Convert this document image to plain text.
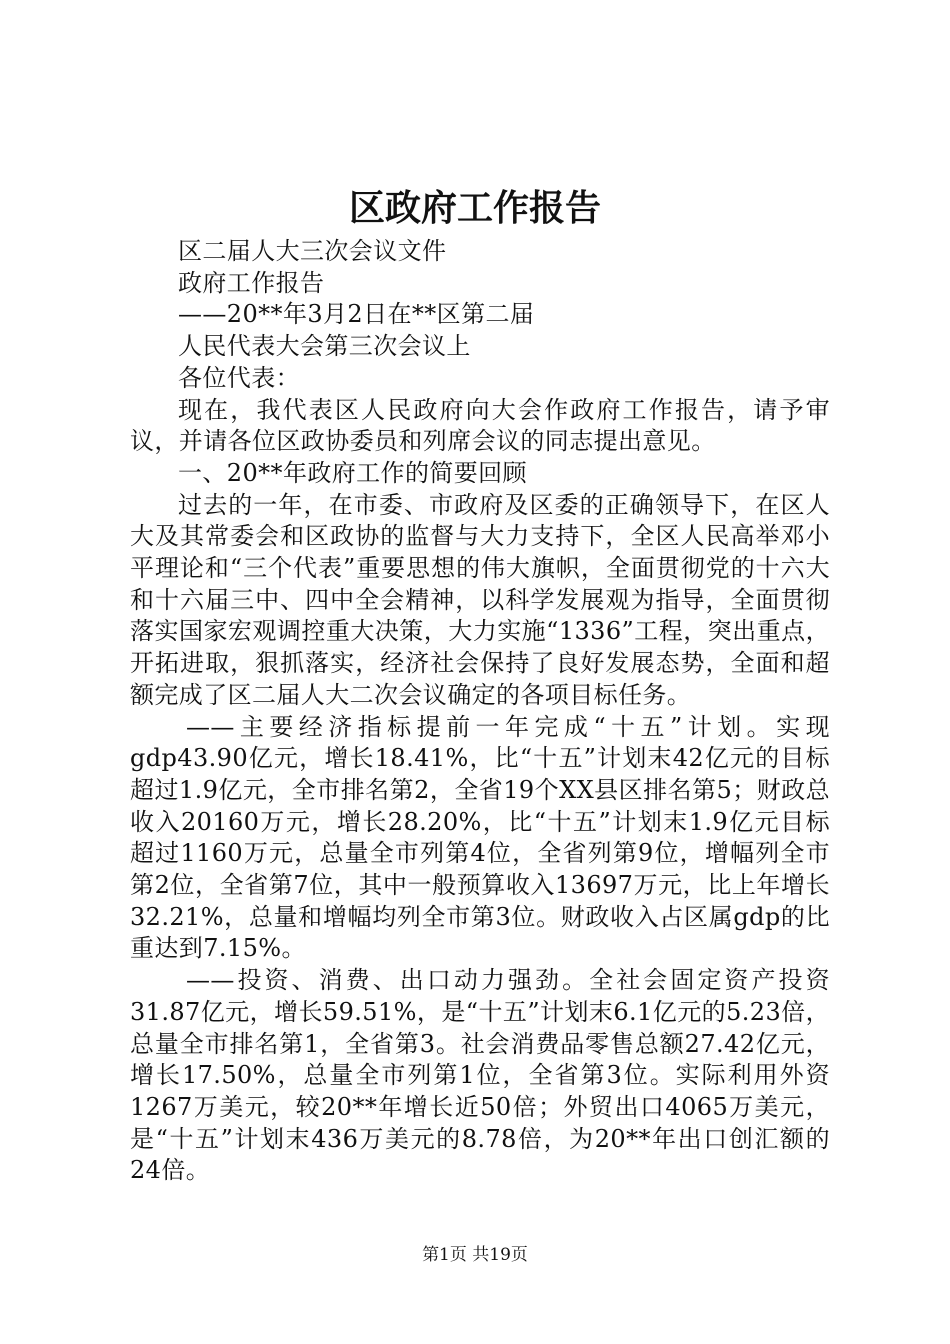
区政府工作报告

区二届人大三次会议文件

政府工作报告

——20**年3月2日在**区第二届

人民代表大会第三次会议上

各位代表：

现在，我代表区人民政府向大会作政府工作报告，请予审议，并请各位区政协委员和列席会议的同志提出意见。

一、20**年政府工作的简要回顾

过去的一年，在市委、市政府及区委的正确领导下，在区人大及其常委会和区政协的监督与大力支持下，全区人民高举邓小平理论和“三个代表”重要思想的伟大旗帜，全面贯彻党的十六大和十六届三中、四中全会精神，以科学发展观为指导，全面贯彻落实国家宏观调控重大决策，大力实施“1336”工程，突出重点，开拓进取，狠抓落实，经济社会保持了良好发展态势，全面和超额完成了区二届人大二次会议确定的各项目标任务。

——主要经济指标提前一年完成“十五”计划。实现gdp43.90亿元，增长18.41%，比“十五”计划末42亿元的目标超过1.9亿元，全市排名第2，全省19个XX县区排名第5；财政总收入20160万元，增长28.20%，比“十五”计划末1.9亿元目标超过1160万元，总量全市列第4位，全省列第9位，增幅列全市第2位，全省第7位，其中一般预算收入13697万元，比上年增长32.21%，总量和增幅均列全市第3位。财政收入占区属gdp的比重达到7.15%。

——投资、消费、出口动力强劲。全社会固定资产投资31.87亿元，增长59.51%，是“十五”计划末6.1亿元的5.23倍，总量全市排名第1，全省第3。社会消费品零售总额27.42亿元，增长17.50%，总量全市列第1位，全省第3位。实际利用外资1267万美元，较20**年增长近50倍；外贸出口4065万美元，是“十五”计划末436万美元的8.78倍，为20**年出口创汇额的24倍。

第1页 共19页
